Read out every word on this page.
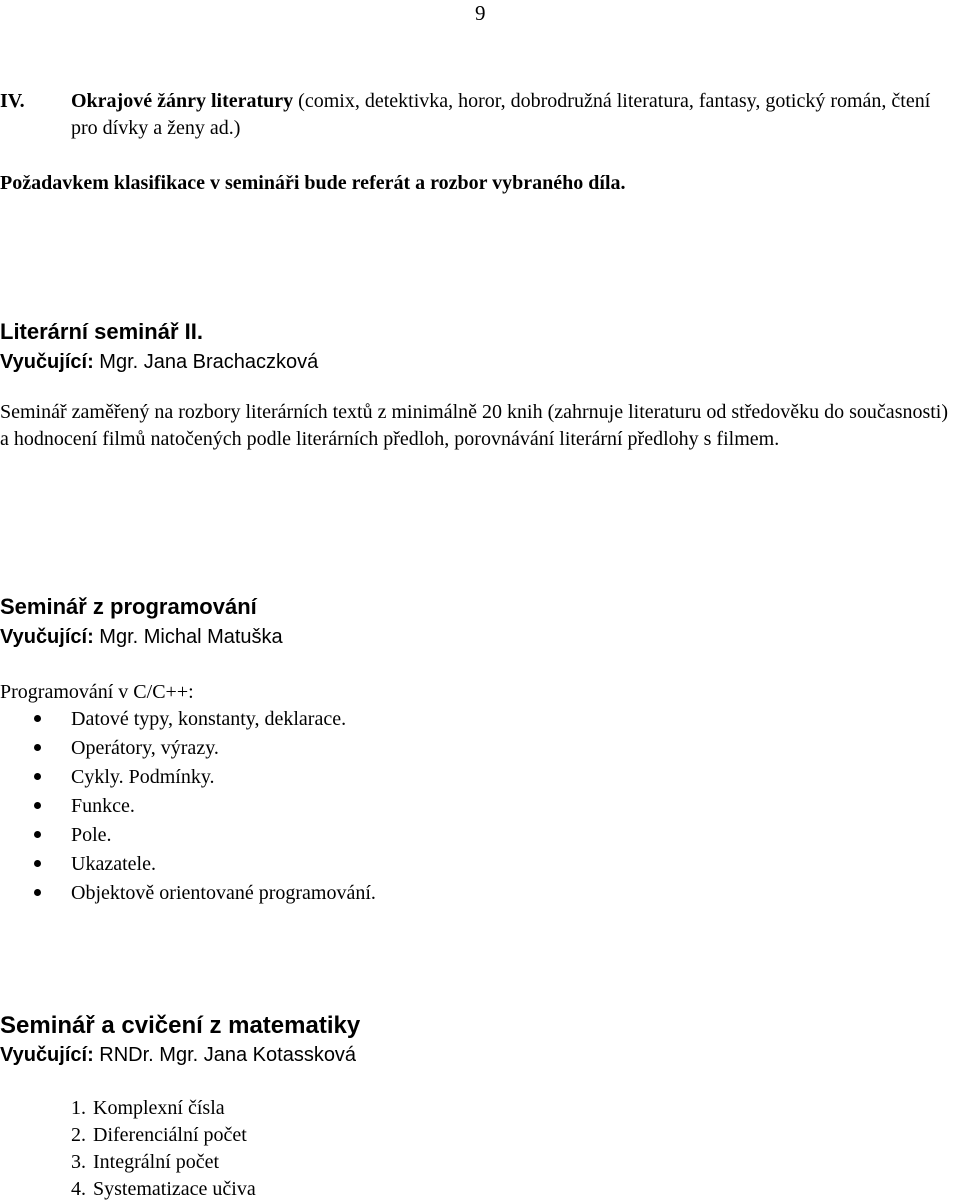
9
IV. Okrajové žánry literatury (comix, detektivka, horor, dobrodružná literatura, fantasy, gotický román, čtení pro dívky a ženy ad.)
Požadavkem klasifikace v semináři bude referát a rozbor vybraného díla.
Literární seminář II.
Vyučující: Mgr. Jana Brachaczková
Seminář zaměřený na rozbory literárních textů z minimálně 20 knih (zahrnuje literaturu od středověku do současnosti) a hodnocení filmů natočených podle literárních předloh, porovnávání literární předlohy s filmem.
Seminář z programování
Vyučující: Mgr. Michal Matuška
Programování v C/C++:
Datové typy, konstanty, deklarace.
Operátory, výrazy.
Cykly. Podmínky.
Funkce.
Pole.
Ukazatele.
Objektově orientované programování.
Seminář a cvičení z matematiky
Vyučující: RNDr. Mgr. Jana Kotassková
1. Komplexní čísla
2. Diferenciální počet
3. Integrální počet
4. Systematizace učiva
